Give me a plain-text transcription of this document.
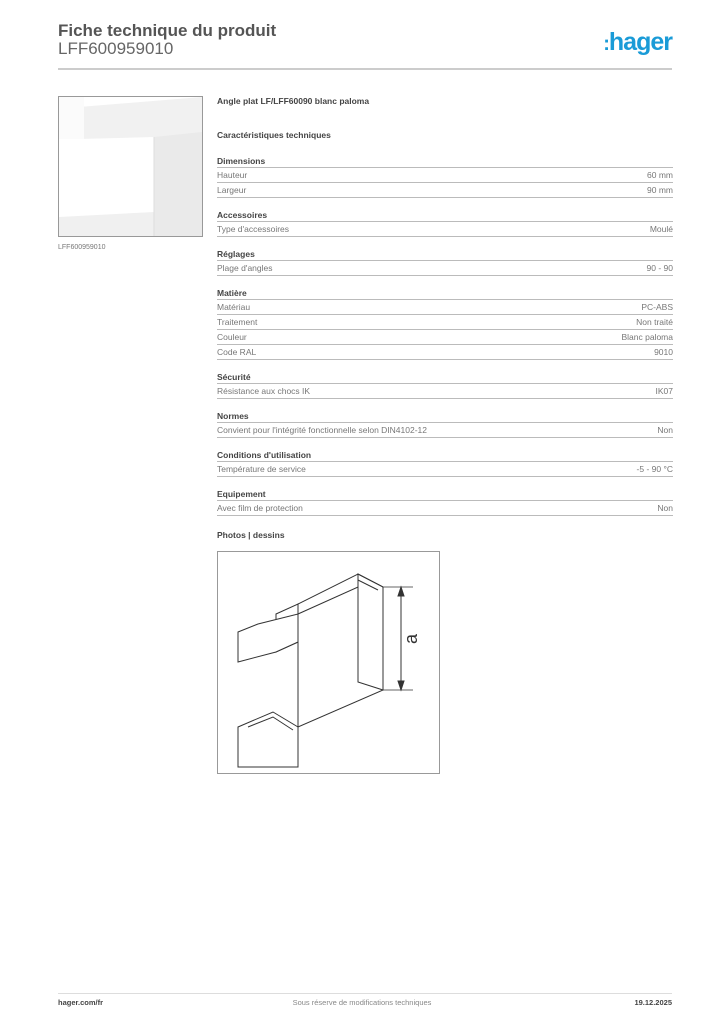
Fiche technique du produit
LFF600959010	:hager
LFF600959010
Angle plat LF/LFF60090 blanc paloma
Caractéristiques techniques
Dimensions
Hauteur	60 mm
Largeur	90 mm
Accessoires
Type d'accessoires	Moulé
Réglages
Plage d'angles	90 - 90
Matière
Matériau	PC-ABS
Traitement	Non traité
Couleur	Blanc paloma
Code RAL	9010
Sécurité
Résistance aux chocs IK	IK07
Normes
Convient pour l'intégrité fonctionnelle selon DIN4102-12	Non
Conditions d'utilisation
Température de service	-5 - 90 °C
Equipement
Avec film de protection	Non
Photos | dessins
a
hager.com/fr	Sous réserve de modifications techniques	19.12.2025
